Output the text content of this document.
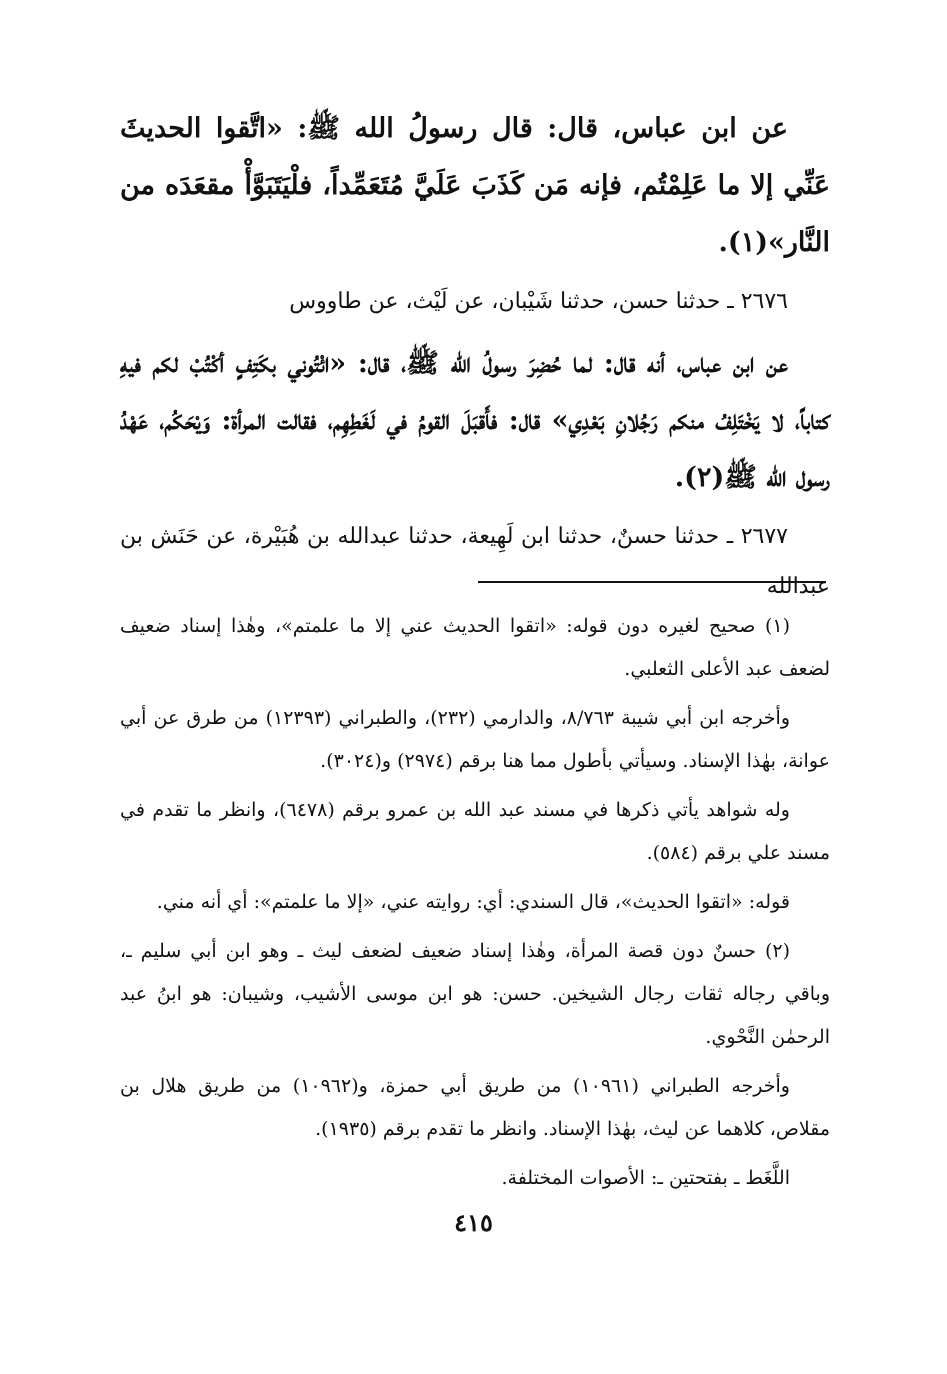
عن ابن عباس، قال: قال رسولُ الله ﷺ: «اتَّقوا الحديثَ عَنِّي إلا ما عَلِمْتُم، فإنه مَن كَذَبَ عَلَيَّ مُتَعَمِّداً، فلْيَتَبَوَّأْ مقعَدَه من النَّار»(١).

٢٦٧٦ ـ حدثنا حسن، حدثنا شَيْبان، عن لَيْث، عن طاووس

عن ابن عباس، أنه قال: لما حُضِرَ رسولُ الله ﷺ، قال: «ائْتُوني بكَتِفٍ أكْتُبْ لكم فيهِ كتاباً، لا يَخْتَلِفُ منكم رَجُلانِ بَعْدِي» قال: فأَقبَلَ القومُ في لَغَطِهِم، فقالت المرأة: وَيْحَكُم، عَهْدُ رسول الله ﷺ(٢).

٢٦٧٧ ـ حدثنا حسنٌ، حدثنا ابن لَهِيعة، حدثنا عبدالله بن هُبَيْرة، عن حَنَش بن عبدالله

(١) صحيح لغيره دون قوله: «اتقوا الحديث عني إلا ما علمتم»، وهٰذا إسناد ضعيف لضعف عبد الأعلى الثعلبي.

وأخرجه ابن أبي شيبة ٨/٧٦٣، والدارمي (٢٣٢)، والطبراني (١٢٣٩٣) من طرق عن أبي عوانة، بهٰذا الإسناد. وسيأتي بأطول مما هنا برقم (٢٩٧٤) و(٣٠٢٤).

وله شواهد يأتي ذكرها في مسند عبد الله بن عمرو برقم (٦٤٧٨)، وانظر ما تقدم في مسند علي برقم (٥٨٤).

قوله: «اتقوا الحديث»، قال السندي: أي: روايته عني، «إلا ما علمتم»: أي أنه مني.

(٢) حسنٌ دون قصة المرأة، وهٰذا إسناد ضعيف لضعف ليث ـ وهو ابن أبي سليم ـ، وباقي رجاله ثقات رجال الشيخين. حسن: هو ابن موسى الأشيب، وشيبان: هو ابنُ عبد الرحمٰن النَّحْوي.

وأخرجه الطبراني (١٠٩٦١) من طريق أبي حمزة، و(١٠٩٦٢) من طريق هلال بن مقلاص، كلاهما عن ليث، بهٰذا الإسناد. وانظر ما تقدم برقم (١٩٣٥).

اللَّغَط ـ بفتحتين ـ: الأصوات المختلفة.

٤١٥
